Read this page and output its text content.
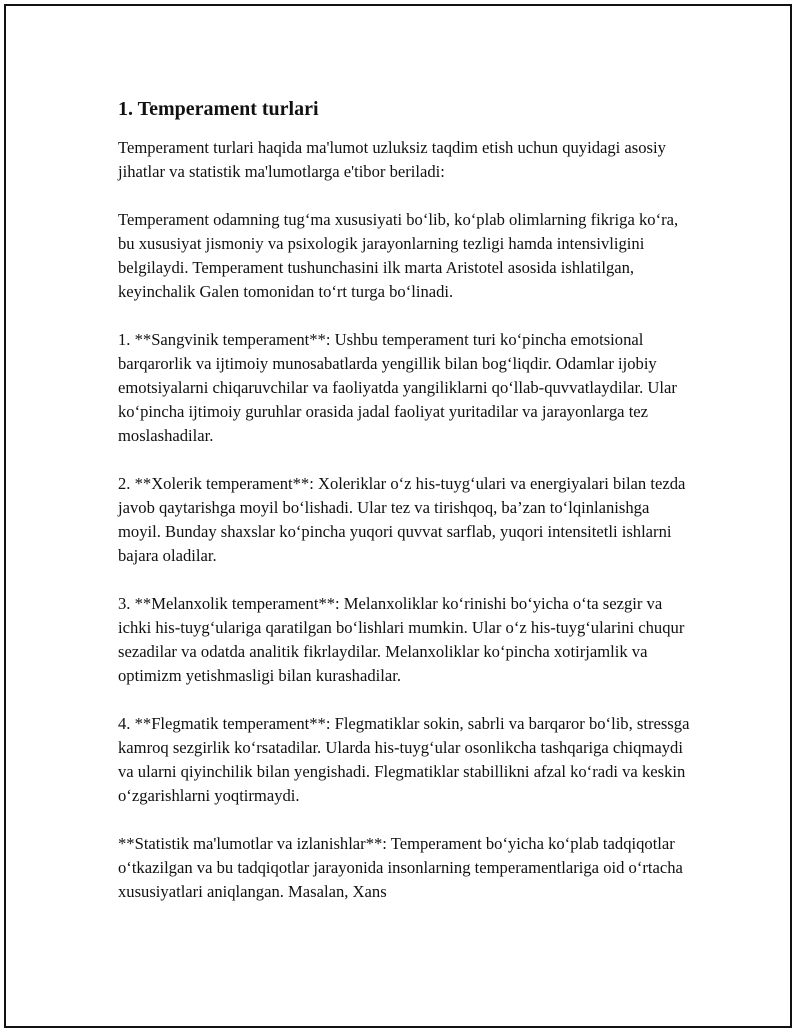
1. Temperament turlari

Temperament turlari haqida ma'lumot uzluksiz taqdim etish uchun quyidagi asosiy jihatlar va statistik ma'lumotlarga e'tibor beriladi:

Temperament odamning tug‘ma xususiyati bo‘lib, ko‘plab olimlarning fikriga ko‘ra, bu xususiyat jismoniy va psixologik jarayonlarning tezligi hamda intensivligini belgilaydi. Temperament tushunchasini ilk marta Aristotel asosida ishlatilgan, keyinchalik Galen tomonidan to‘rt turga bo‘linadi.

1. **Sangvinik temperament**: Ushbu temperament turi ko‘pincha emotsional barqarorlik va ijtimoiy munosabatlarda yengillik bilan bog‘liqdir. Odamlar ijobiy emotsiyalarni chiqaruvchilar va faoliyatda yangiliklarni qo‘llab-quvvatlaydilar. Ular ko‘pincha ijtimoiy guruhlar orasida jadal faoliyat yuritadilar va jarayonlarga tez moslashadilar.

2. **Xolerik temperament**: Xoleriklar o‘z his-tuyg‘ulari va energiyalari bilan tezda javob qaytarishga moyil bo‘lishadi. Ular tez va tirishqoq, ba’zan to‘lqinlanishga moyil. Bunday shaxslar ko‘pincha yuqori quvvat sarflab, yuqori intensitetli ishlarni bajara oladilar.

3. **Melanxolik temperament**: Melanxoliklar ko‘rinishi bo‘yicha o‘ta sezgir va ichki his-tuyg‘ulariga qaratilgan bo‘lishlari mumkin. Ular o‘z his-tuyg‘ularini chuqur sezadilar va odatda analitik fikrlaydilar. Melanxoliklar ko‘pincha xotirjamlik va optimizm yetishmasligi bilan kurashadilar.

4. **Flegmatik temperament**: Flegmatiklar sokin, sabrli va barqaror bo‘lib, stressga kamroq sezgirlik ko‘rsatadilar. Ularda his-tuyg‘ular osonlikcha tashqariga chiqmaydi va ularni qiyinchilik bilan yengishadi. Flegmatiklar stabillikni afzal ko‘radi va keskin o‘zgarishlarni yoqtirmaydi.

**Statistik ma'lumotlar va izlanishlar**: Temperament bo‘yicha ko‘plab tadqiqotlar o‘tkazilgan va bu tadqiqotlar jarayonida insonlarning temperamentlariga oid o‘rtacha xususiyatlari aniqlangan. Masalan, Xans
